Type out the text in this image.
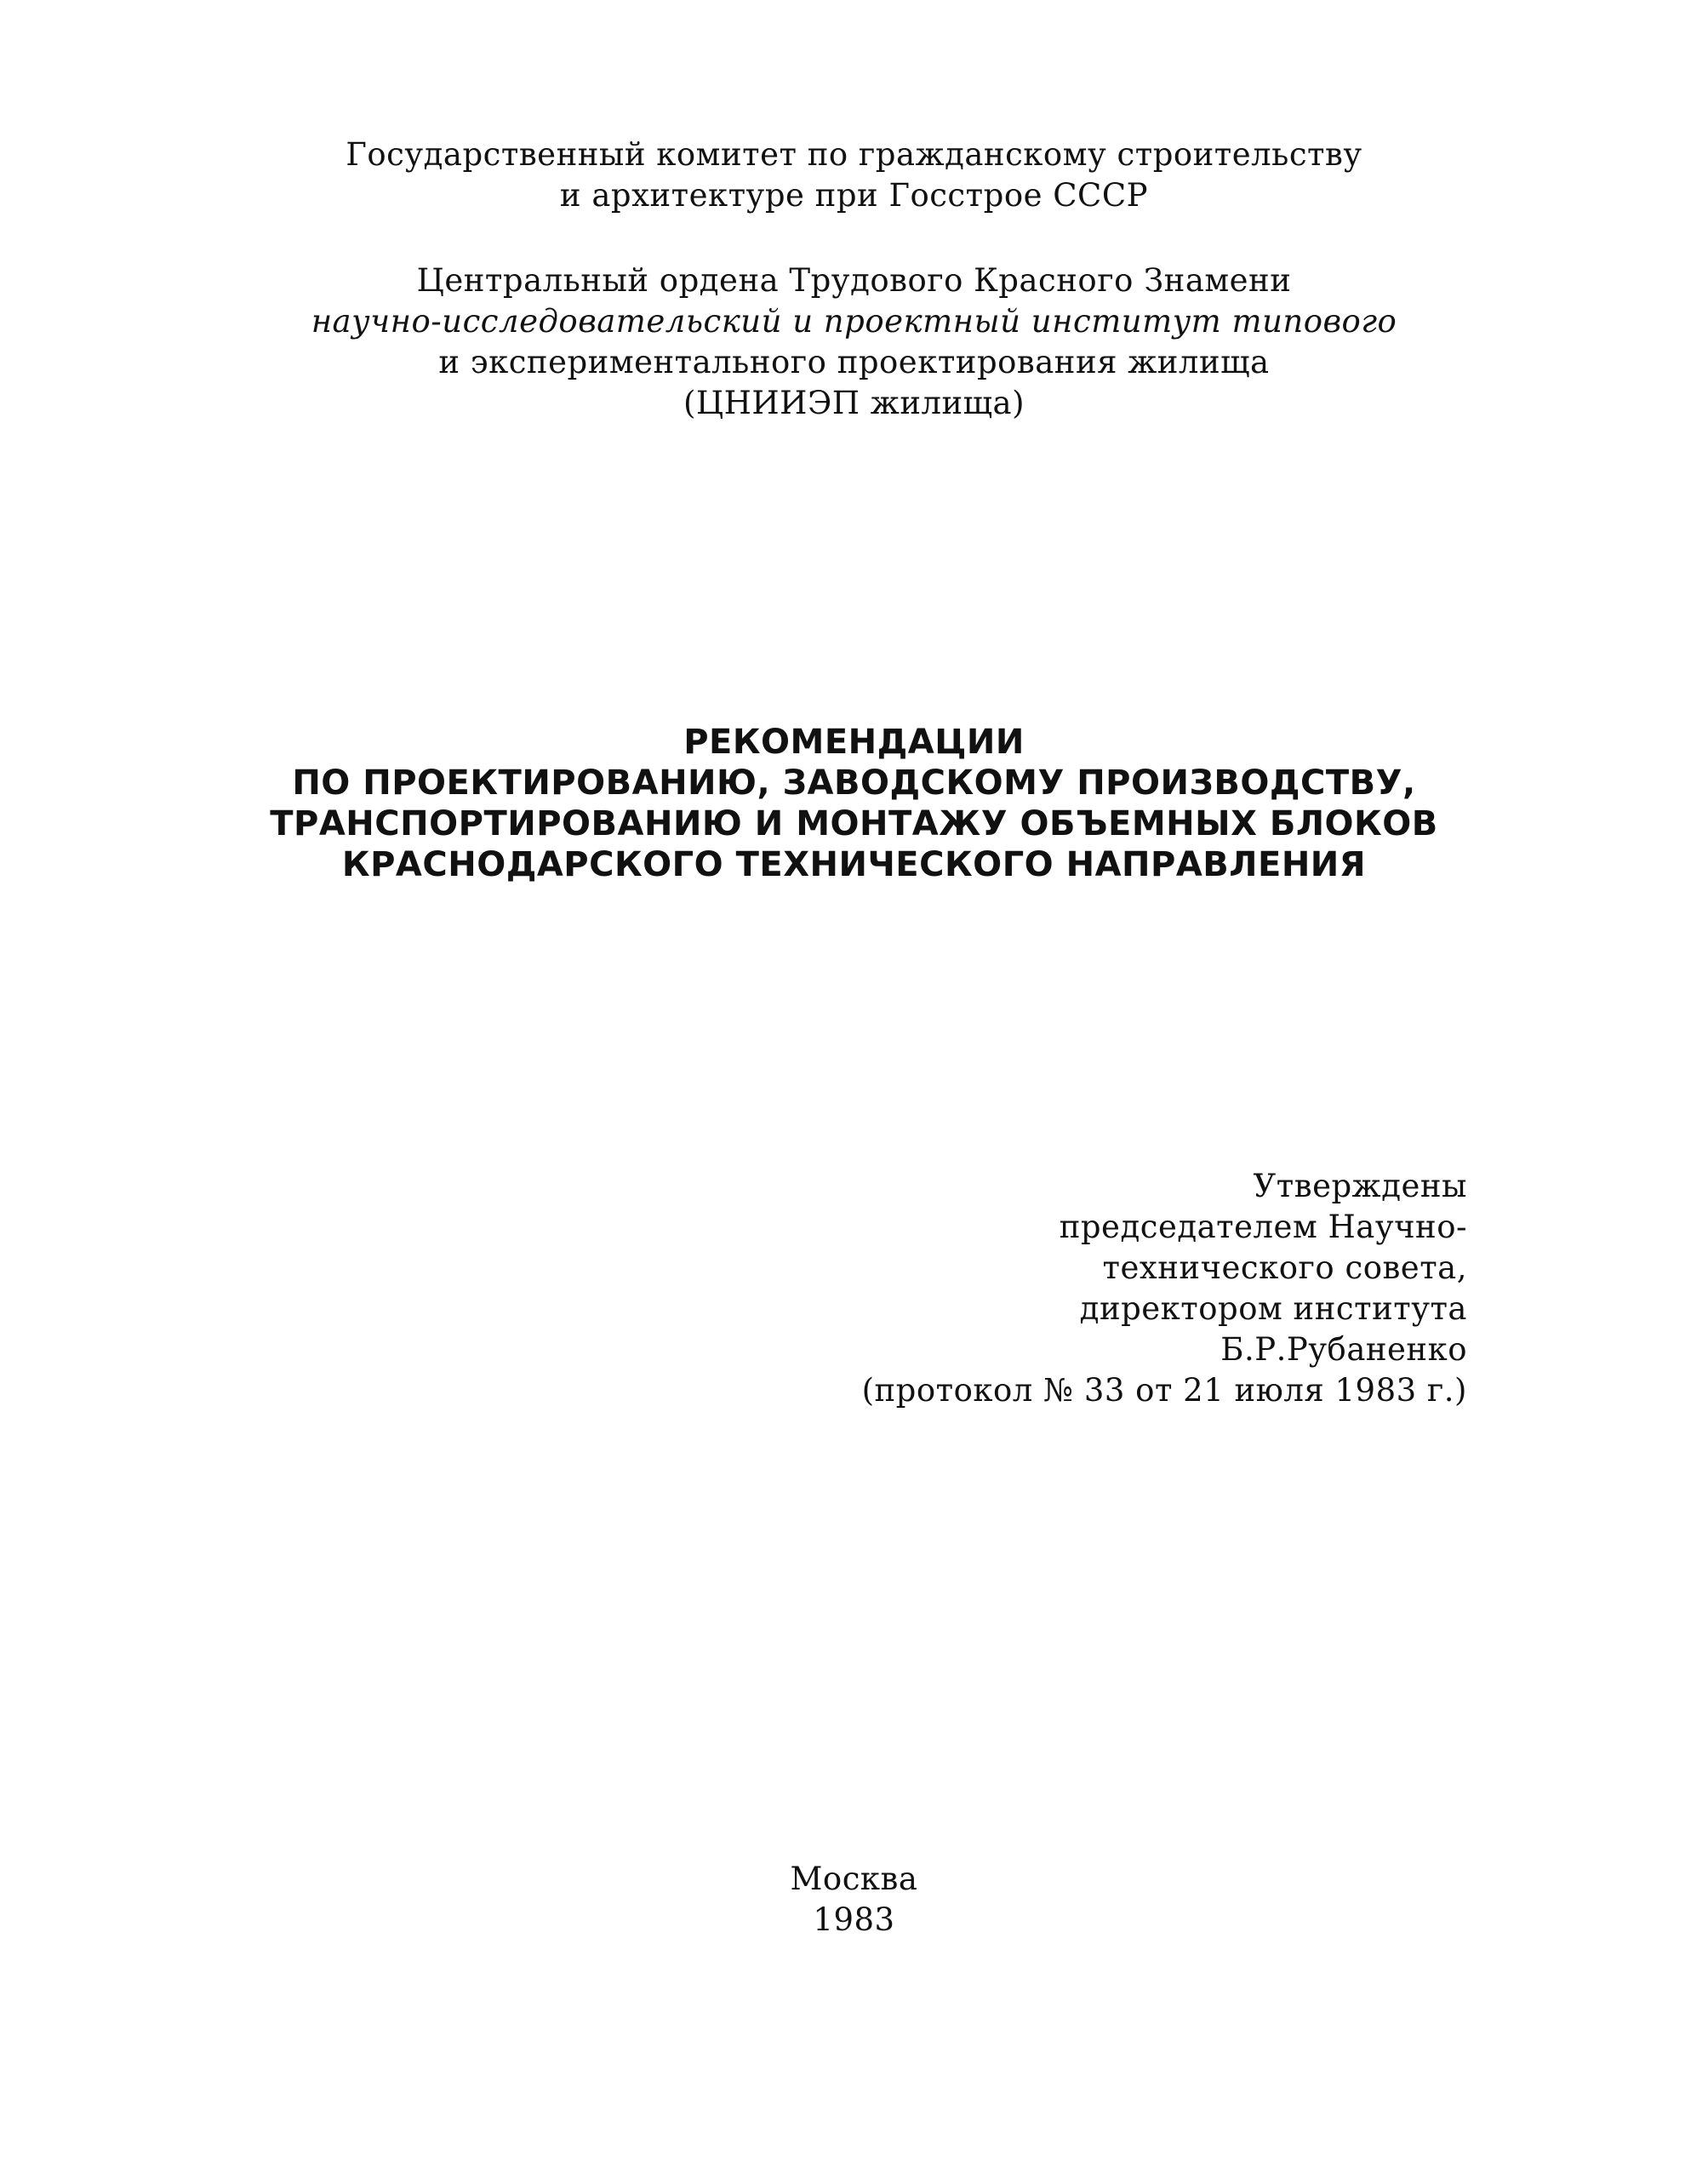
Государственный комитет по гражданскому строительству
и архитектуре при Госстрое СССР
Центральный ордена Трудового Красного Знамени
научно-исследовательский и проектный институт типового
и экспериментального проектирования жилища
(ЦНИИЭП жилища)
РЕКОМЕНДАЦИИ
ПО ПРОЕКТИРОВАНИЮ, ЗАВОДСКОМУ ПРОИЗВОДСТВУ,
ТРАНСПОРТИРОВАНИЮ И МОНТАЖУ ОБЪЕМНЫХ БЛОКОВ
КРАСНОДАРСКОГО ТЕХНИЧЕСКОГО НАПРАВЛЕНИЯ
Утверждены
председателем Научно-
технического совета,
директором института
Б.Р.Рубаненко
(протокол № 33 от 21 июля 1983 г.)
Москва
1983
